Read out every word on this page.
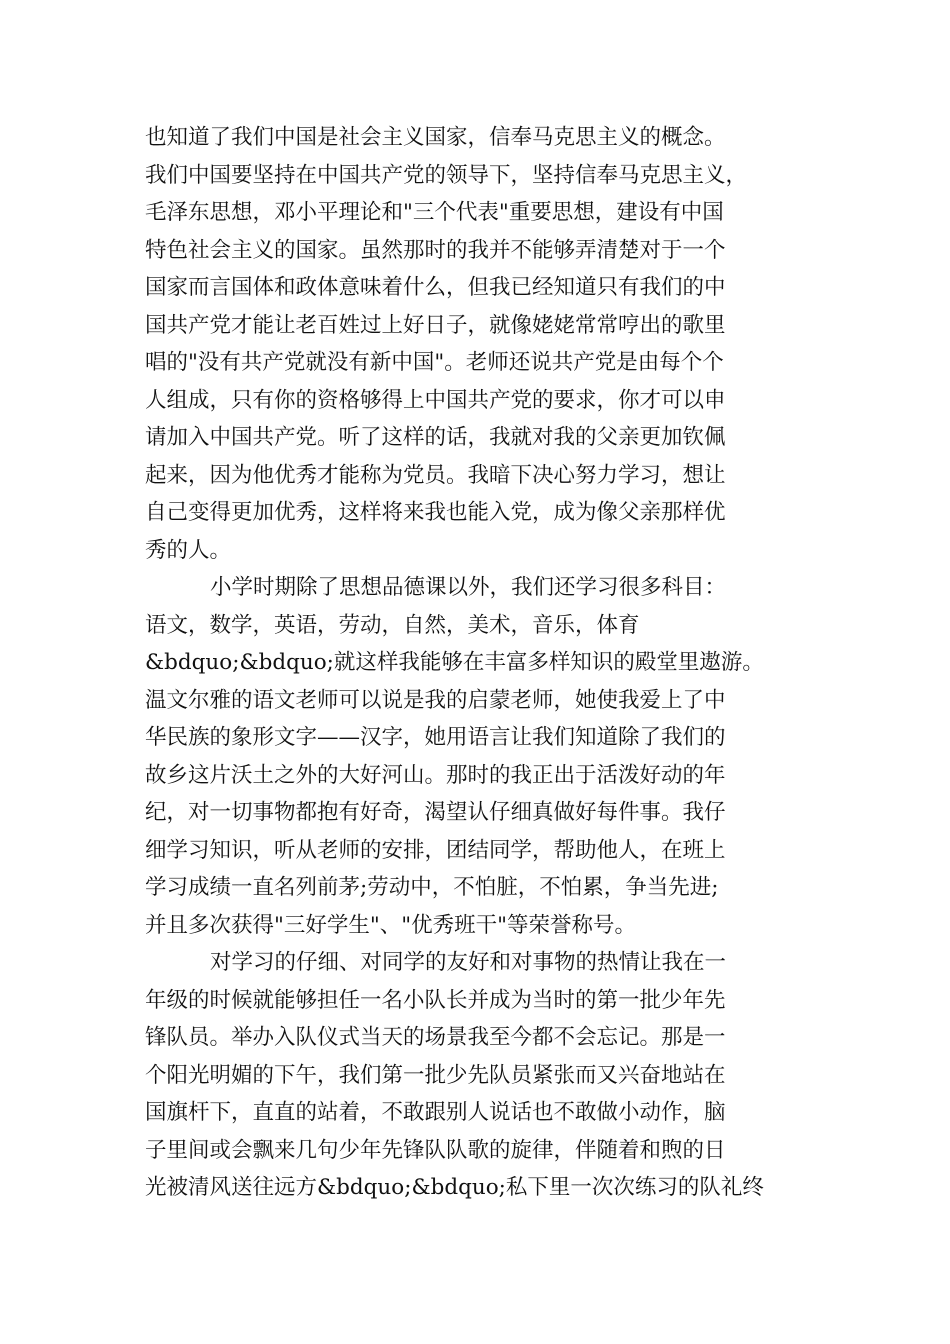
也知道了我们中国是社会主义国家，信奉马克思主义的概念。
我们中国要坚持在中国共产党的领导下，坚持信奉马克思主义，
毛泽东思想，邓小平理论和"三个代表"重要思想，建设有中国
特色社会主义的国家。虽然那时的我并不能够弄清楚对于一个
国家而言国体和政体意味着什么，但我已经知道只有我们的中
国共产党才能让老百姓过上好日子，就像姥姥常常哼出的歌里
唱的"没有共产党就没有新中国"。老师还说共产党是由每个个
人组成，只有你的资格够得上中国共产党的要求，你才可以申
请加入中国共产党。听了这样的话，我就对我的父亲更加钦佩
起来，因为他优秀才能称为党员。我暗下决心努力学习，想让
自己变得更加优秀，这样将来我也能入党，成为像父亲那样优
秀的人。
小学时期除了思想品德课以外，我们还学习很多科目：
语文，数学，英语，劳动，自然，美术，音乐，体育
&bdquo;&bdquo;就这样我能够在丰富多样知识的殿堂里遨游。
温文尔雅的语文老师可以说是我的启蒙老师，她使我爱上了中
华民族的象形文字——汉字，她用语言让我们知道除了我们的
故乡这片沃土之外的大好河山。那时的我正出于活泼好动的年
纪，对一切事物都抱有好奇，渴望认仔细真做好每件事。我仔
细学习知识，听从老师的安排，团结同学，帮助他人，在班上
学习成绩一直名列前茅;劳动中，不怕脏，不怕累，争当先进;
并且多次获得"三好学生"、"优秀班干"等荣誉称号。
对学习的仔细、对同学的友好和对事物的热情让我在一
年级的时候就能够担任一名小队长并成为当时的第一批少年先
锋队员。举办入队仪式当天的场景我至今都不会忘记。那是一
个阳光明媚的下午，我们第一批少先队员紧张而又兴奋地站在
国旗杆下，直直的站着，不敢跟别人说话也不敢做小动作，脑
子里间或会飘来几句少年先锋队队歌的旋律，伴随着和煦的日
光被清风送往远方&bdquo;&bdquo;私下里一次次练习的队礼终
